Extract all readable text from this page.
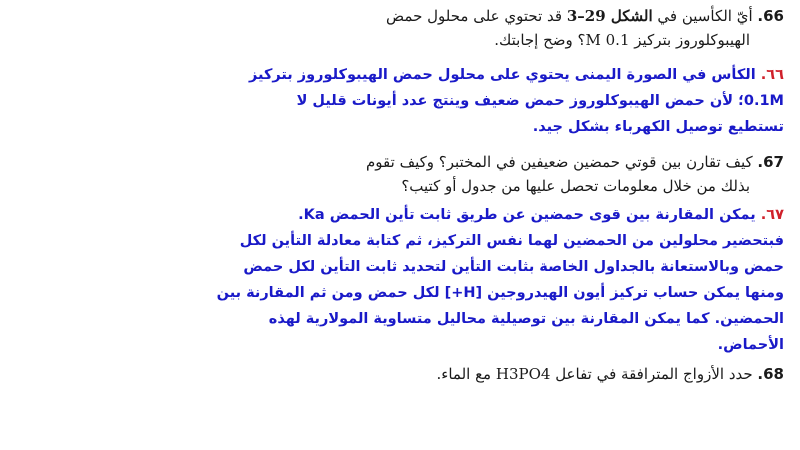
66. أيّ الكأسين في الشكل 29–3 قد تحتوي على محلول حمض
الهيبوكلوروز بتركيز 0.1 M؟ وضح إجابتك.

٦٦. الكأس في الصورة اليمنى يحتوي على محلول حمض الهيبوكلوروز بتركيز
0.1M؛ لأن حمض الهيبوكلوروز حمض ضعيف وينتج عدد أيونات قليل لا
تستطيع توصيل الكهرباء بشكل جيد.

67. كيف تقارن بين قوتي حمضين ضعيفين في المختبر؟ وكيف تقوم
بذلك من خلال معلومات تحصل عليها من جدول أو كتيب؟

٦٧. يمكن المقارنة بين قوى حمضين عن طريق ثابت تأين الحمض Ka.
فبتحضير محلولين من الحمضين لهما نفس التركيز، ثم كتابة معادلة التأين لكل
حمض وبالاستعانة بالجداول الخاصة بثابت التأين لتحديد ثابت التأين لكل حمض
ومنها يمكن حساب تركيز أيون الهيدروجين [H+] لكل حمض ومن ثم المقارنة بين
الحمضين. كما يمكن المقارنة بين توصيلية محاليل متساوية المولارية لهذه
الأحماض.

68. حدد الأزواج المترافقة في تفاعل H3PO4 مع الماء.
